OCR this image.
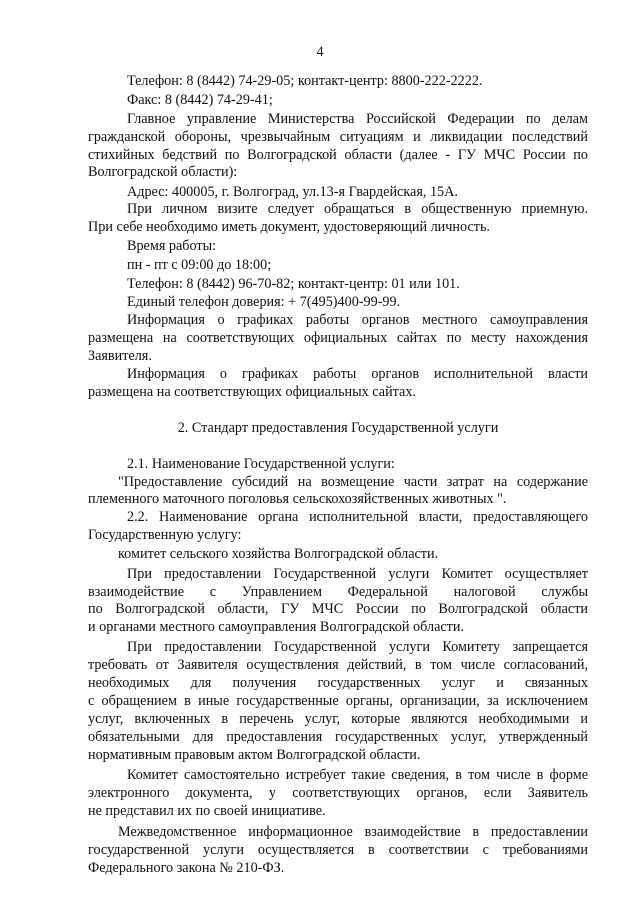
4
Телефон: 8 (8442) 74-29-05; контакт-центр: 8800-222-2222.
Факс: 8 (8442) 74-29-41;
Главное управление Министерства Российской Федерации по делам
гражданской обороны, чрезвычайным ситуациям и ликвидации последствий
стихийных бедствий по Волгоградской области (далее - ГУ МЧС России по
Волгоградской области):
Адрес: 400005, г. Волгоград, ул.13-я Гвардейская, 15А.
При личном визите следует обращаться в общественную приемную.
При себе необходимо иметь документ, удостоверяющий личность.
Время работы:
пн - пт с 09:00 до 18:00;
Телефон: 8 (8442) 96-70-82; контакт-центр: 01 или 101.
Единый телефон доверия: + 7(495)400-99-99.
Информация о графиках работы органов местного самоуправления
размещена на соответствующих официальных сайтах по месту нахождения
Заявителя.
Информация о графиках работы органов исполнительной власти
размещена на соответствующих официальных сайтах.
2. Стандарт предоставления Государственной услуги
2.1. Наименование Государственной услуги:
"Предоставление субсидий на возмещение части затрат на содержание
племенного маточного поголовья сельскохозяйственных животных ".
2.2. Наименование органа исполнительной власти, предоставляющего
Государственную услугу:
комитет сельского хозяйства Волгоградской области.
При предоставлении Государственной услуги Комитет осуществляет
взаимодействие с Управлением Федеральной налоговой службы
по Волгоградской области, ГУ МЧС России по Волгоградской области
и органами местного самоуправления Волгоградской области.
При предоставлении Государственной услуги Комитету запрещается
требовать от Заявителя осуществления действий, в том числе согласований,
необходимых для получения государственных услуг и связанных
с обращением в иные государственные органы, организации, за исключением
услуг, включенных в перечень услуг, которые являются необходимыми и
обязательными для предоставления государственных услуг, утвержденный
нормативным правовым актом Волгоградской области.
Комитет самостоятельно истребует такие сведения, в том числе в форме
электронного документа, у соответствующих органов, если Заявитель
не представил их по своей инициативе.
Межведомственное информационное взаимодействие в предоставлении
государственной услуги осуществляется в соответствии с требованиями
Федерального закона № 210-ФЗ.
